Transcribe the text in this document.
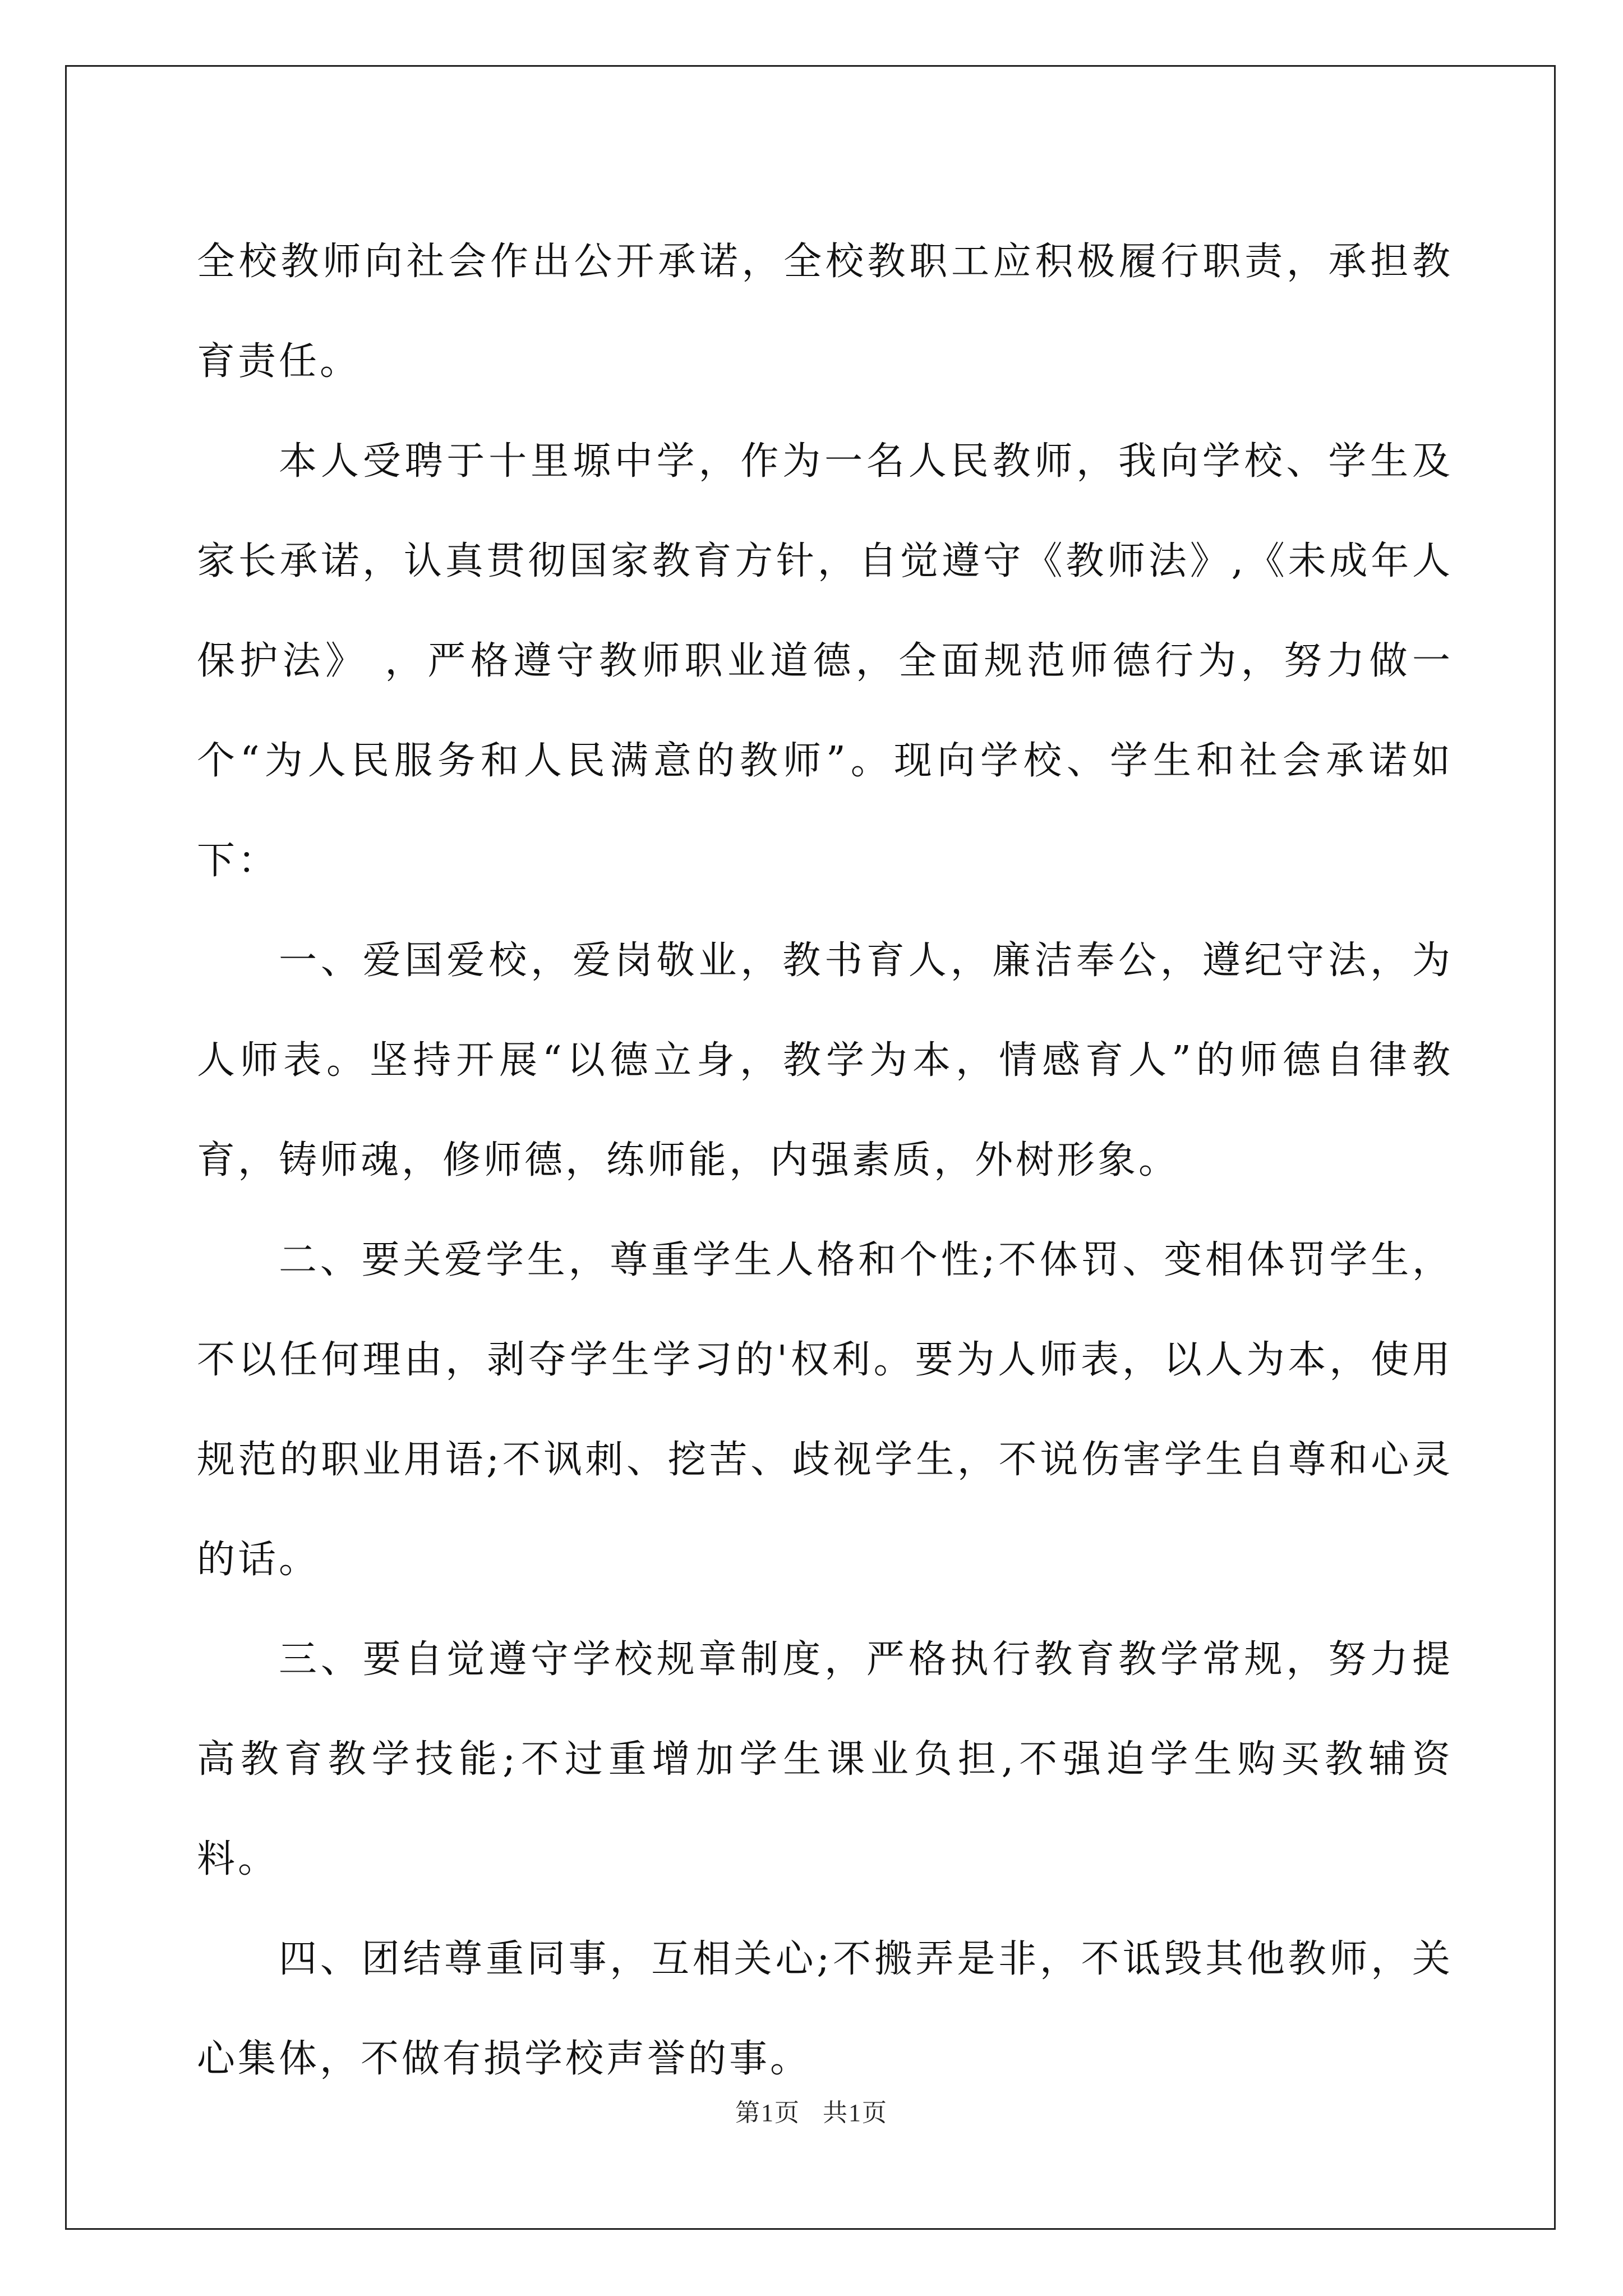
全校教师向社会作出公开承诺，全校教职工应积极履行职责，承担教育责任。

本人受聘于十里塬中学，作为一名人民教师，我向学校、学生及家长承诺，认真贯彻国家教育方针，自觉遵守《教师法》,《未成年人保护法》 ，严格遵守教师职业道德，全面规范师德行为，努力做一个“为人民服务和人民满意的教师”。现向学校、学生和社会承诺如下：

一、爱国爱校，爱岗敬业，教书育人，廉洁奉公，遵纪守法，为人师表。坚持开展“以德立身，教学为本，情感育人”的师德自律教育，铸师魂，修师德，练师能，内强素质，外树形象。

二、要关爱学生，尊重学生人格和个性;不体罚、变相体罚学生，不以任何理由，剥夺学生学习的'权利。要为人师表，以人为本，使用规范的职业用语;不讽刺、挖苦、歧视学生，不说伤害学生自尊和心灵的话。

三、要自觉遵守学校规章制度，严格执行教育教学常规，努力提高教育教学技能;不过重增加学生课业负担,不强迫学生购买教辅资料。

四、团结尊重同事，互相关心;不搬弄是非，不诋毁其他教师，关心集体，不做有损学校声誉的事。

第1页 共1页
